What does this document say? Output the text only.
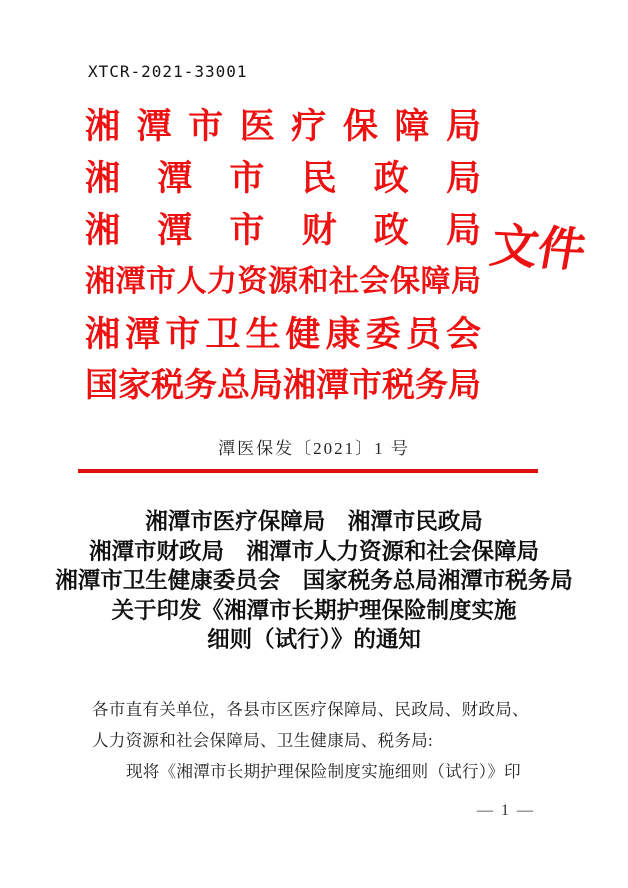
XTCR-2021-33001
湘 潭 市 医 疗 保 障 局
湘 潭 市 民 政 局
湘 潭 市 财 政 局
湘 潭 市 人 力 资 源 和 社 会 保 障 局
湘 潭 市 卫 生 健 康 委 员 会
国 家 税 务 总 局 湘 潭 市 税 务 局
文件
潭医保发〔2021〕1 号
湘潭市医疗保障局　湘潭市民政局
湘潭市财政局　湘潭市人力资源和社会保障局
湘潭市卫生健康委员会　国家税务总局湘潭市税务局
关于印发《湘潭市长期护理保险制度实施
细则（试行）》的通知
各市直有关单位，各县市区医疗保障局、民政局、财政局、
人力资源和社会保障局、卫生健康局、税务局:
现将《湘潭市长期护理保险制度实施细则（试行）》印
— 1 —
